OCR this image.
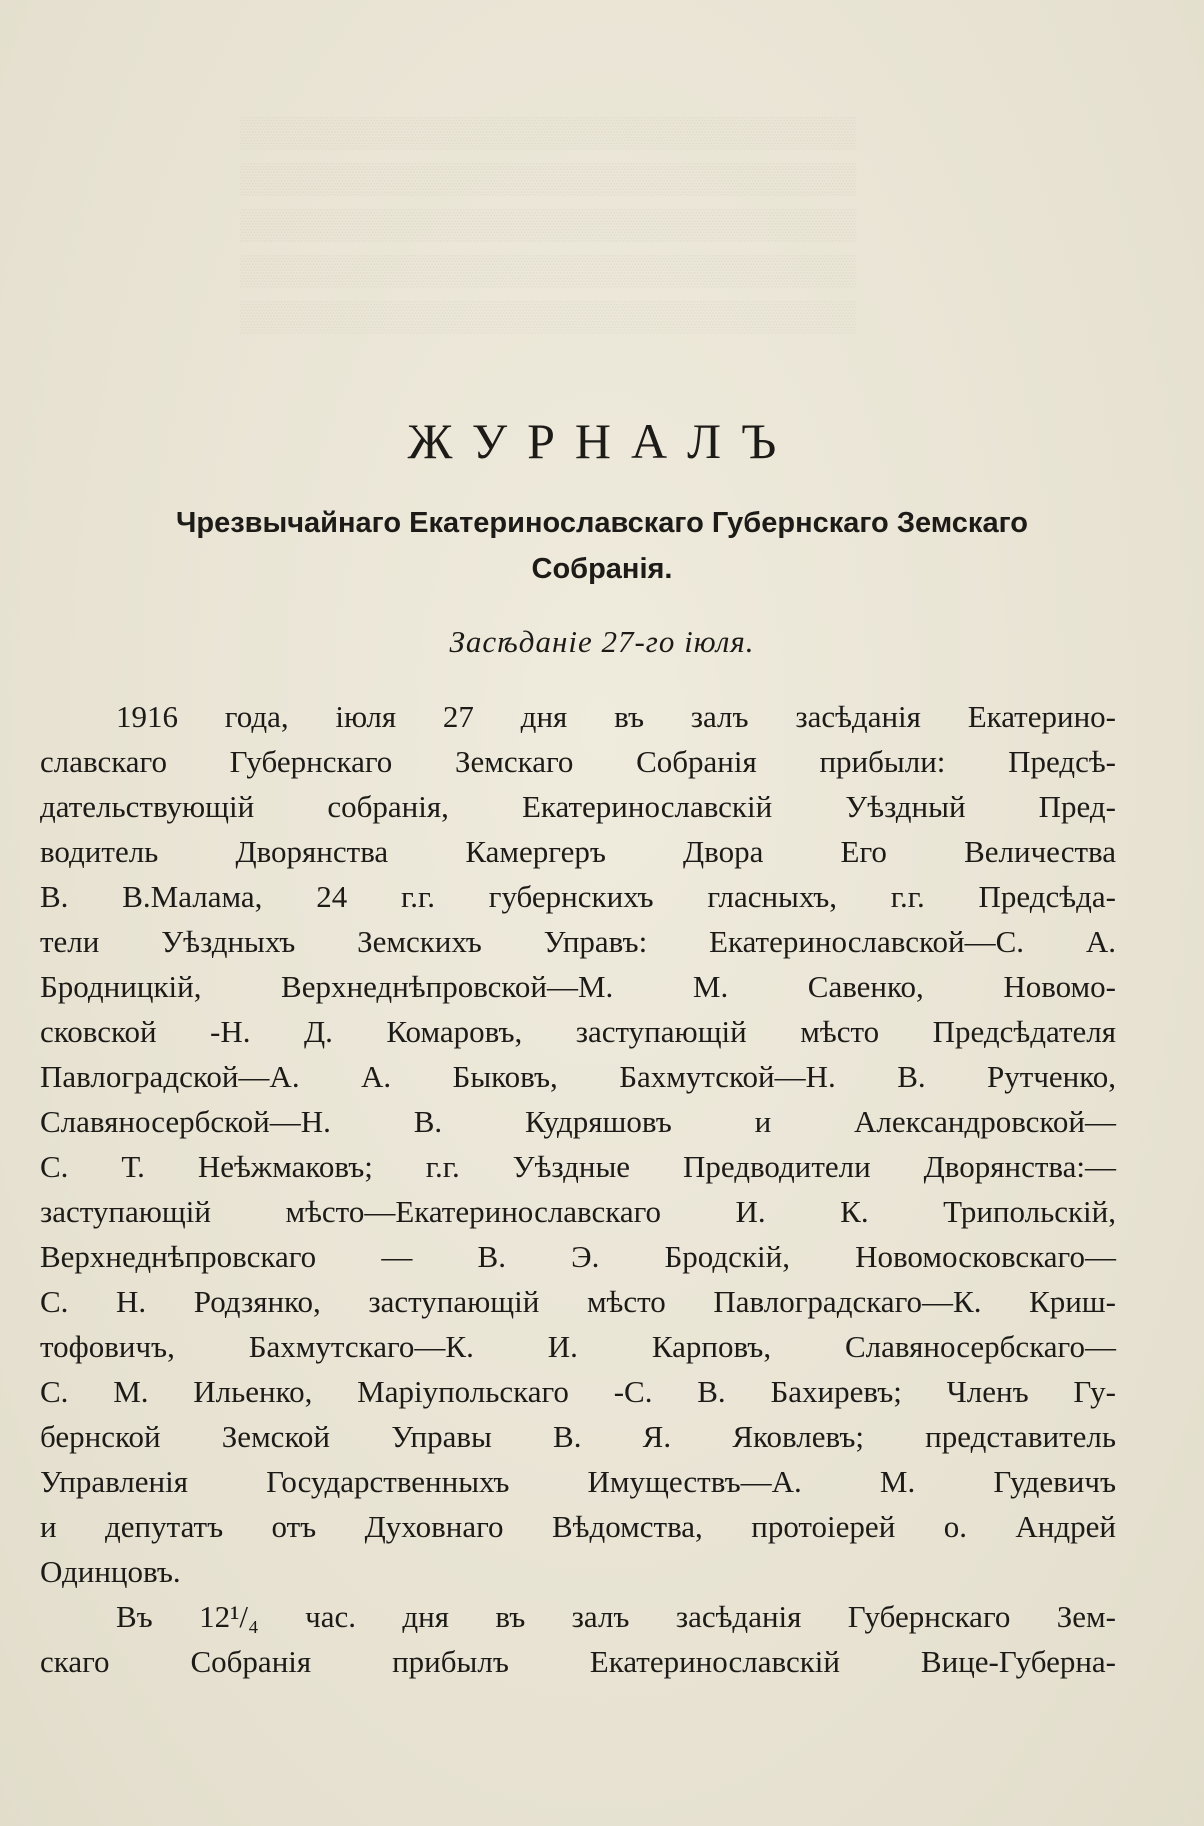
▒▒▒▒▒▒▒▒▒▒▒▒▒▒▒▒▒▒▒▒▒▒▒▒▒▒▒▒▒
▒▒▒▒▒▒▒▒▒▒▒▒▒▒▒▒▒▒▒▒▒▒▒▒▒▒▒▒▒
▒▒▒▒▒▒▒▒▒▒▒▒▒▒▒▒▒▒▒▒▒▒▒▒▒▒▒▒▒
▒▒▒▒▒▒▒▒▒▒▒▒▒▒▒▒▒▒▒▒▒▒▒▒▒▒▒▒▒
▒▒▒▒▒▒▒▒▒▒▒▒▒▒▒▒▒▒▒▒▒▒▒▒▒▒▒▒▒
ЖУРНАЛЪ
Чрезвычайнаго Екатеринославскаго Губернскаго Земскаго
Собранія.
Засѣданіе 27-го іюля.
1916 года, іюля 27 дня въ залъ засѣданія Екатерино-
славскаго Губернскаго Земскаго Собранія прибыли: Предсѣ-
дательствующій собранія, Екатеринославскій Уѣздный Пред-
водитель Дворянства Камергеръ Двора Его Величества
В. В.Малама, 24 г.г. губернскихъ гласныхъ, г.г. Предсѣда-
тели Уѣздныхъ Земскихъ Управъ: Екатеринославской—С. А.
Бродницкій, Верхнеднѣпровской—М. М. Савенко, Новомо-
сковской -Н. Д. Комаровъ, заступающій мѣсто Предсѣдателя
Павлоградской—А. А. Быковъ, Бахмутской—Н. В. Рутченко,
Славяносербской—Н. В. Кудряшовъ и Александровской—
С. Т. Неѣжмаковъ; г.г. Уѣздные Предводители Дворянства:—
заступающій мѣсто—Екатеринославскаго И. К. Трипольскій,
Верхнеднѣпровскаго — В. Э. Бродскій, Новомосковскаго—
С. Н. Родзянко, заступающій мѣсто Павлоградскаго—К. Криш-
тофовичъ, Бахмутскаго—К. И. Карповъ, Славяносербскаго—
С. М. Ильенко, Маріупольскаго -С. В. Бахиревъ; Членъ Гу-
бернской Земской Управы В. Я. Яковлевъ; представитель
Управленія Государственныхъ Имуществъ—А. М. Гудевичъ
и депутатъ отъ Духовнаго Вѣдомства, протоіерей о. Андрей
Одинцовъ.
Въ 12¹/₄ час. дня въ залъ засѣданія Губернскаго Зем-
скаго Собранія прибылъ Екатеринославскій Вице-Губерна-
